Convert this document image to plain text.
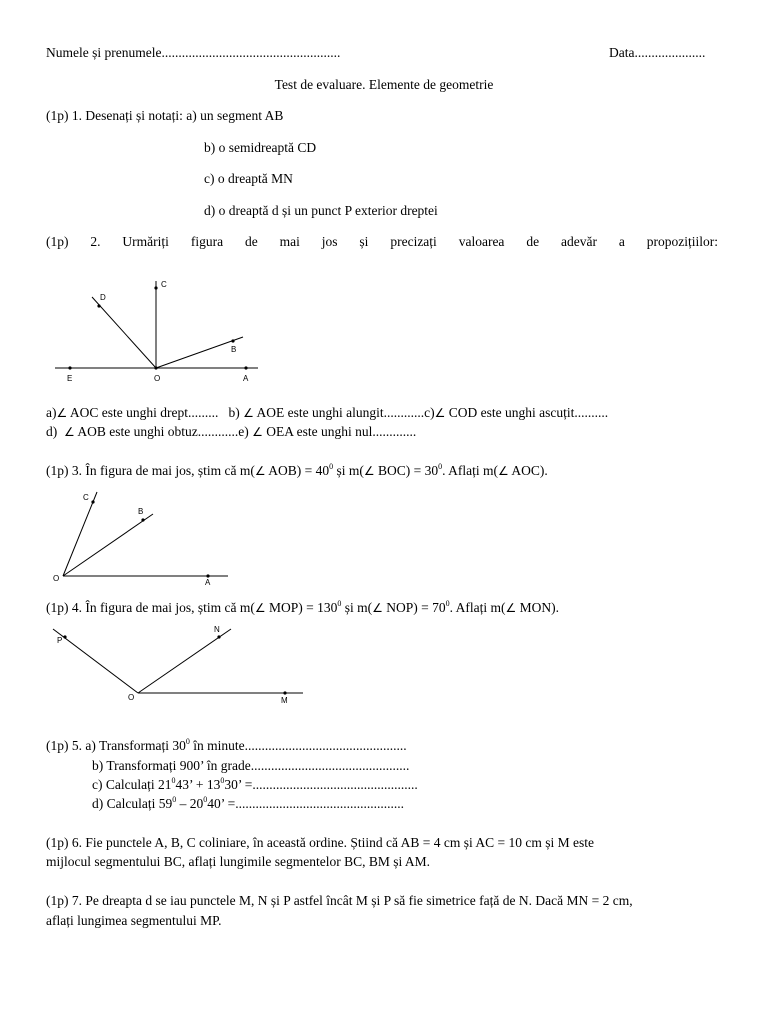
Numele și prenumele.....................................................	Data.....................
Test de evaluare. Elemente de geometrie
(1p) 1. Desenați și notați: a) un segment AB
b) o semidreaptă CD
c) o dreaptă MN
d) o dreaptă d și un punct P exterior dreptei
(1p) 2. Urmăriți figura de mai jos și precizați valoarea de adevăr a propozițiilor:
C
D
B
E	O	A
a)∠ AOC este unghi drept......... b) ∠ AOE este unghi alungit............c)∠ COD este unghi ascuțit..........
d) ∠ AOB este unghi obtuz............e) ∠ OEA este unghi nul.............
(1p) 3. În figura de mai jos, știm că m(∠ $AOB) = 40^0$ și m(∠ $BOC) = 30^0$. Aflați m(∠ AOC).
C
B
O	A
(1p) 4. În figura de mai jos, știm că m(∠ $MOP) = 130^0$ și m(∠ $NOP) = 70^0$. Aflați m(∠ MON).
P
N
O	M
(1p) 5. a) Transformați $30^0$ în minute................................................
b) Transformați 900’ în grade...............................................
c) Calculați $21^043$’ + $13^030$’ =.................................................
d) Calculați $59^0 - 20^040$’ =..................................................
(1p) 6. Fie punctele A, B, C coliniare, în această ordine. Știind că AB = 4 cm și AC = 10 cm și M este
mijlocul segmentului BC, aflați lungimile segmentelor BC, BM și AM.
(1p) 7. Pe dreapta d se iau punctele M, N și P astfel încât M și P să fie simetrice față de N. Dacă MN = 2 cm,
aflați lungimea segmentului MP.
